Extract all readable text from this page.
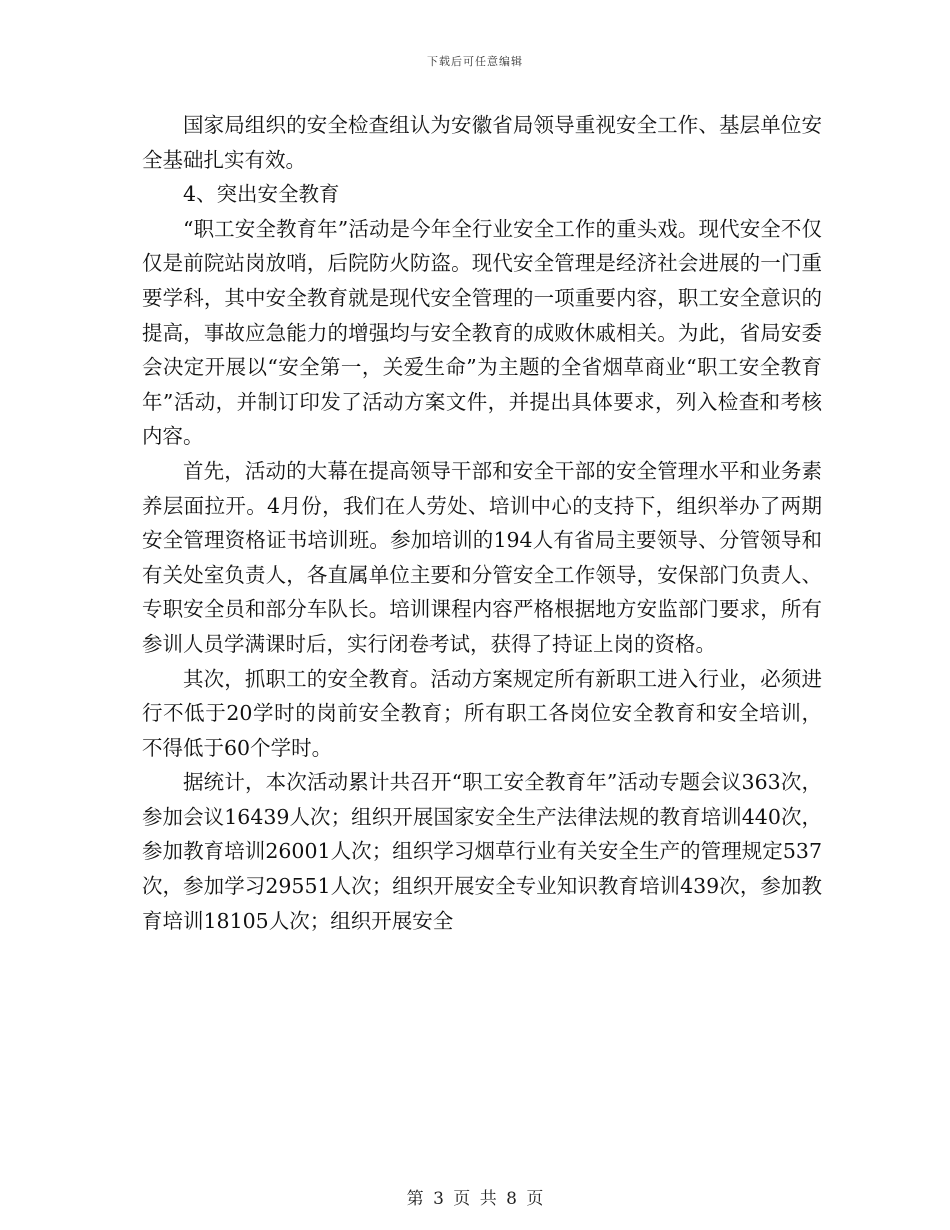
下载后可任意编辑

国家局组织的安全检查组认为安徽省局领导重视安全工作、基层单位安全基础扎实有效。

4、突出安全教育

“职工安全教育年”活动是今年全行业安全工作的重头戏。现代安全不仅仅是前院站岗放哨，后院防火防盗。现代安全管理是经济社会进展的一门重要学科，其中安全教育就是现代安全管理的一项重要内容，职工安全意识的提高，事故应急能力的增强均与安全教育的成败休戚相关。为此，省局安委会决定开展以“安全第一，关爱生命”为主题的全省烟草商业“职工安全教育年”活动，并制订印发了活动方案文件，并提出具体要求，列入检查和考核内容。

首先，活动的大幕在提高领导干部和安全干部的安全管理水平和业务素养层面拉开。4月份，我们在人劳处、培训中心的支持下，组织举办了两期安全管理资格证书培训班。参加培训的194人有省局主要领导、分管领导和有关处室负责人，各直属单位主要和分管安全工作领导，安保部门负责人、专职安全员和部分车队长。培训课程内容严格根据地方安监部门要求，所有参训人员学满课时后，实行闭卷考试，获得了持证上岗的资格。

其次，抓职工的安全教育。活动方案规定所有新职工进入行业，必须进行不低于20学时的岗前安全教育；所有职工各岗位安全教育和安全培训，不得低于60个学时。

据统计，本次活动累计共召开“职工安全教育年”活动专题会议363次，参加会议16439人次；组织开展国家安全生产法律法规的教育培训440次，参加教育培训26001人次；组织学习烟草行业有关安全生产的管理规定537次，参加学习29551人次；组织开展安全专业知识教育培训439次，参加教育培训18105人次；组织开展安全

第 3 页 共 8 页
